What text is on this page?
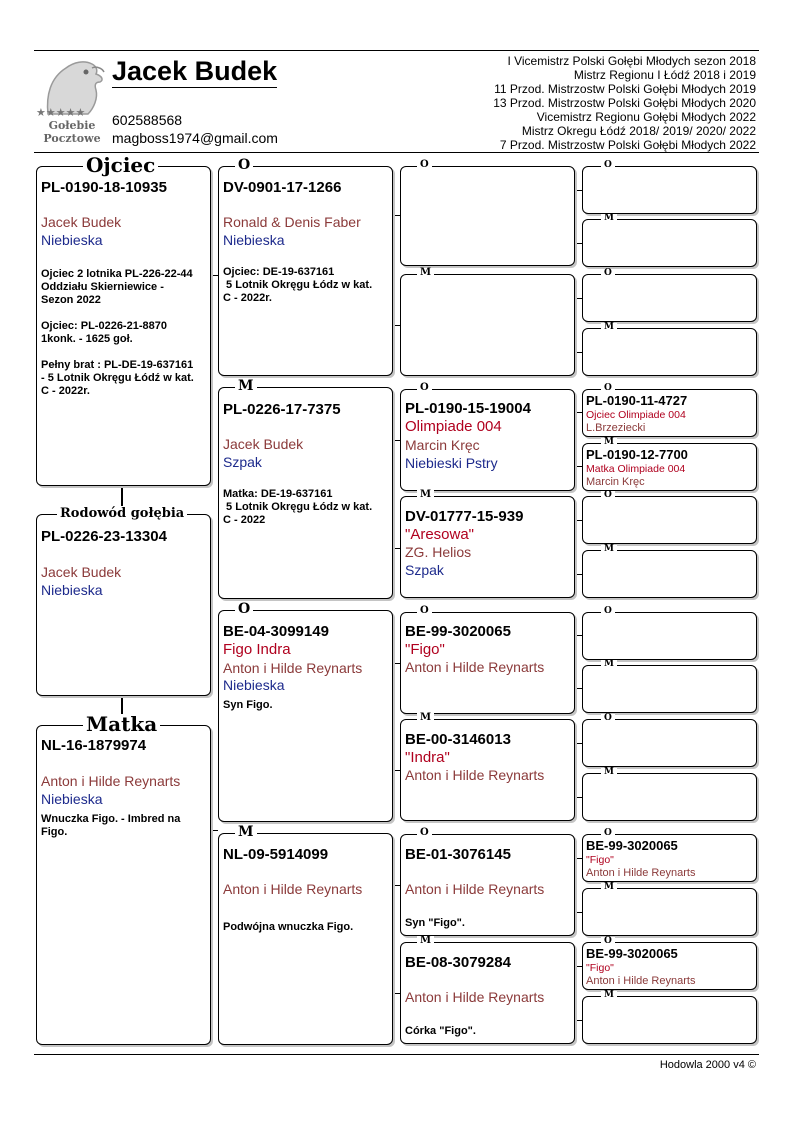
★★★★★
Gołebie
Pocztowe
Jacek Budek
602588568
magboss1974@gmail.com
I Vicemistrz Polski Gołębi Młodych sezon 2018
Mistrz Regionu I Łódź 2018 i 2019
11 Przod. Mistrzostw Polski Gołębi Młodych 2019
13 Przod. Mistrzostw Polski Gołębi Młodych 2020
Vicemistrz Regionu Gołębi Młodych 2022
Mistrz Okregu Łódź 2018/ 2019/ 2020/ 2022
7 Przod. Mistrzostw Polski Gołębi Młodych 2022
Ojciec
PL-0190-18-10935
Jacek Budek
Niebieska
Ojciec 2 lotnika PL-226-22-44
Oddziału Skierniewice -
Sezon 2022
Ojciec: PL-0226-21-8870
1konk. - 1625 goł.
Pełny brat : PL-DE-19-637161
- 5 Lotnik Okręgu Łódź w kat.
C - 2022r.
Rodowód gołębia
PL-0226-23-13304
Jacek Budek
Niebieska
Matka
NL-16-1879974
Anton i Hilde Reynarts
Niebieska
Wnuczka Figo. - Imbred na
Figo.
O
DV-0901-17-1266
Ronald & Denis Faber
Niebieska
Ojciec: DE-19-637161
5 Lotnik Okręgu Łódz w kat.
C - 2022r.
M
PL-0226-17-7375
Jacek Budek
Szpak
Matka: DE-19-637161
5 Lotnik Okręgu Łódz w kat.
C - 2022
O
BE-04-3099149
Figo Indra
Anton i Hilde Reynarts
Niebieska
Syn Figo.
M
NL-09-5914099
Anton i Hilde Reynarts
Podwójna wnuczka Figo.
O
M
O
PL-0190-15-19004
Olimpiade 004
Marcin Kręc
Niebieski Pstry
M
DV-01777-15-939
"Aresowa"
ZG. Helios
Szpak
O
BE-99-3020065
"Figo"
Anton i Hilde Reynarts
M
BE-00-3146013
"Indra"
Anton i Hilde Reynarts
O
BE-01-3076145
Anton i Hilde Reynarts
Syn "Figo".
M
BE-08-3079284
Anton i Hilde Reynarts
Córka "Figo".
O
M
O
M
O
PL-0190-11-4727
Ojciec Olimpiade 004
L.Brzeziecki
M
PL-0190-12-7700
Matka Olimpiade 004
Marcin Kręc
O
M
O
M
O
M
O
BE-99-3020065
"Figo"
Anton i Hilde Reynarts
M
O
BE-99-3020065
"Figo"
Anton i Hilde Reynarts
M
Hodowla 2000 v4 ©
